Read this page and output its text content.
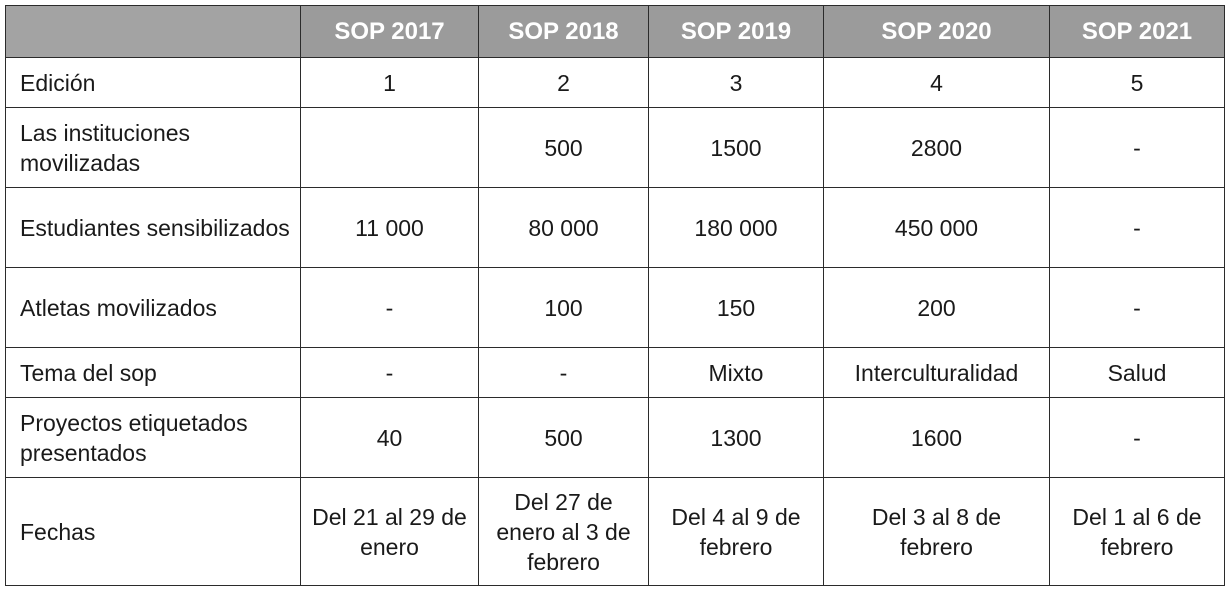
	SOP 2017	SOP 2018	SOP 2019	SOP 2020	SOP 2021
Edición	1	2	3	4	5
Las instituciones movilizadas		500	1500	2800	-
Estudiantes sensibilizados	11 000	80 000	180 000	450 000	-
Atletas movilizados	-	100	150	200	-
Tema del sop	-	-	Mixto	Interculturalidad	Salud
Proyectos etiquetados presentados	40	500	1300	1600	-
Fechas	Del 21 al 29 de enero	Del 27 de enero al 3 de febrero	Del 4 al 9 de febrero	Del 3 al 8 de febrero	Del 1 al 6 de febrero
